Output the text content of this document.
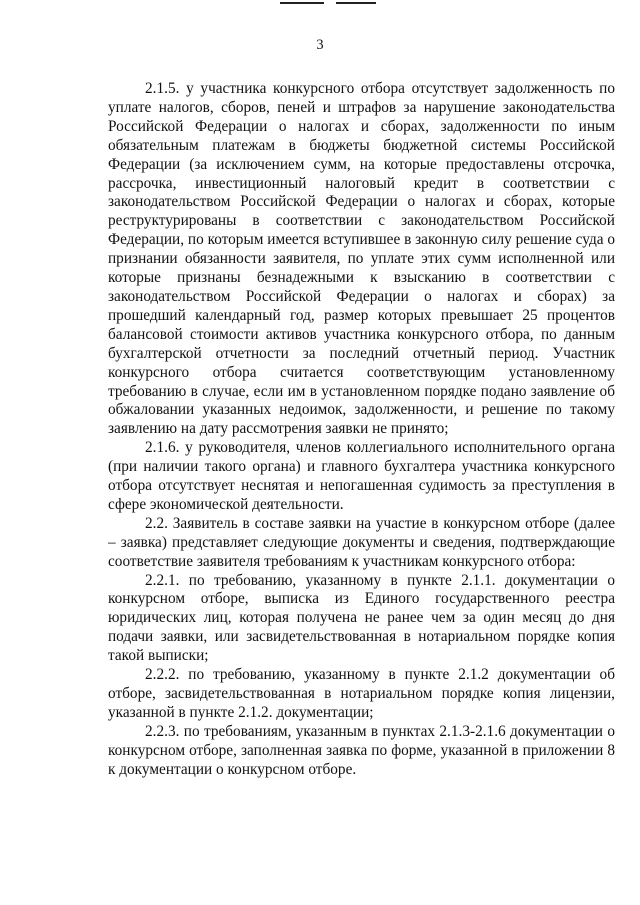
3

2.1.5. у участника конкурсного отбора отсутствует задолженность по уплате налогов, сборов, пеней и штрафов за нарушение законодательства Российской Федерации о налогах и сборах, задолженности по иным обязательным платежам в бюджеты бюджетной системы Российской Федерации (за исключением сумм, на которые предоставлены отсрочка, рассрочка, инвестиционный налоговый кредит в соответствии с законодательством Российской Федерации о налогах и сборах, которые реструктурированы в соответствии с законодательством Российской Федерации, по которым имеется вступившее в законную силу решение суда о признании обязанности заявителя, по уплате этих сумм исполненной или которые признаны безнадежными к взысканию в соответствии с законодательством Российской Федерации о налогах и сборах) за прошедший календарный год, размер которых превышает 25 процентов балансовой стоимости активов участника конкурсного отбора, по данным бухгалтерской отчетности за последний отчетный период. Участник конкурсного отбора считается соответствующим установленному требованию в случае, если им в установленном порядке подано заявление об обжаловании указанных недоимок, задолженности, и решение по такому заявлению на дату рассмотрения заявки не принято;

2.1.6. у руководителя, членов коллегиального исполнительного органа (при наличии такого органа) и главного бухгалтера участника конкурсного отбора отсутствует неснятая и непогашенная судимость за преступления в сфере экономической деятельности.

2.2. Заявитель в составе заявки на участие в конкурсном отборе (далее – заявка) представляет следующие документы и сведения, подтверждающие соответствие заявителя требованиям к участникам конкурсного отбора:

2.2.1. по требованию, указанному в пункте 2.1.1. документации о конкурсном отборе, выписка из Единого государственного реестра юридических лиц, которая получена не ранее чем за один месяц до дня подачи заявки, или засвидетельствованная в нотариальном порядке копия такой выписки;

2.2.2. по требованию, указанному в пункте 2.1.2 документации об отборе, засвидетельствованная в нотариальном порядке копия лицензии, указанной в пункте 2.1.2. документации;

2.2.3. по требованиям, указанным в пунктах 2.1.3-2.1.6 документации о конкурсном отборе, заполненная заявка по форме, указанной в приложении 8 к документации о конкурсном отборе.
